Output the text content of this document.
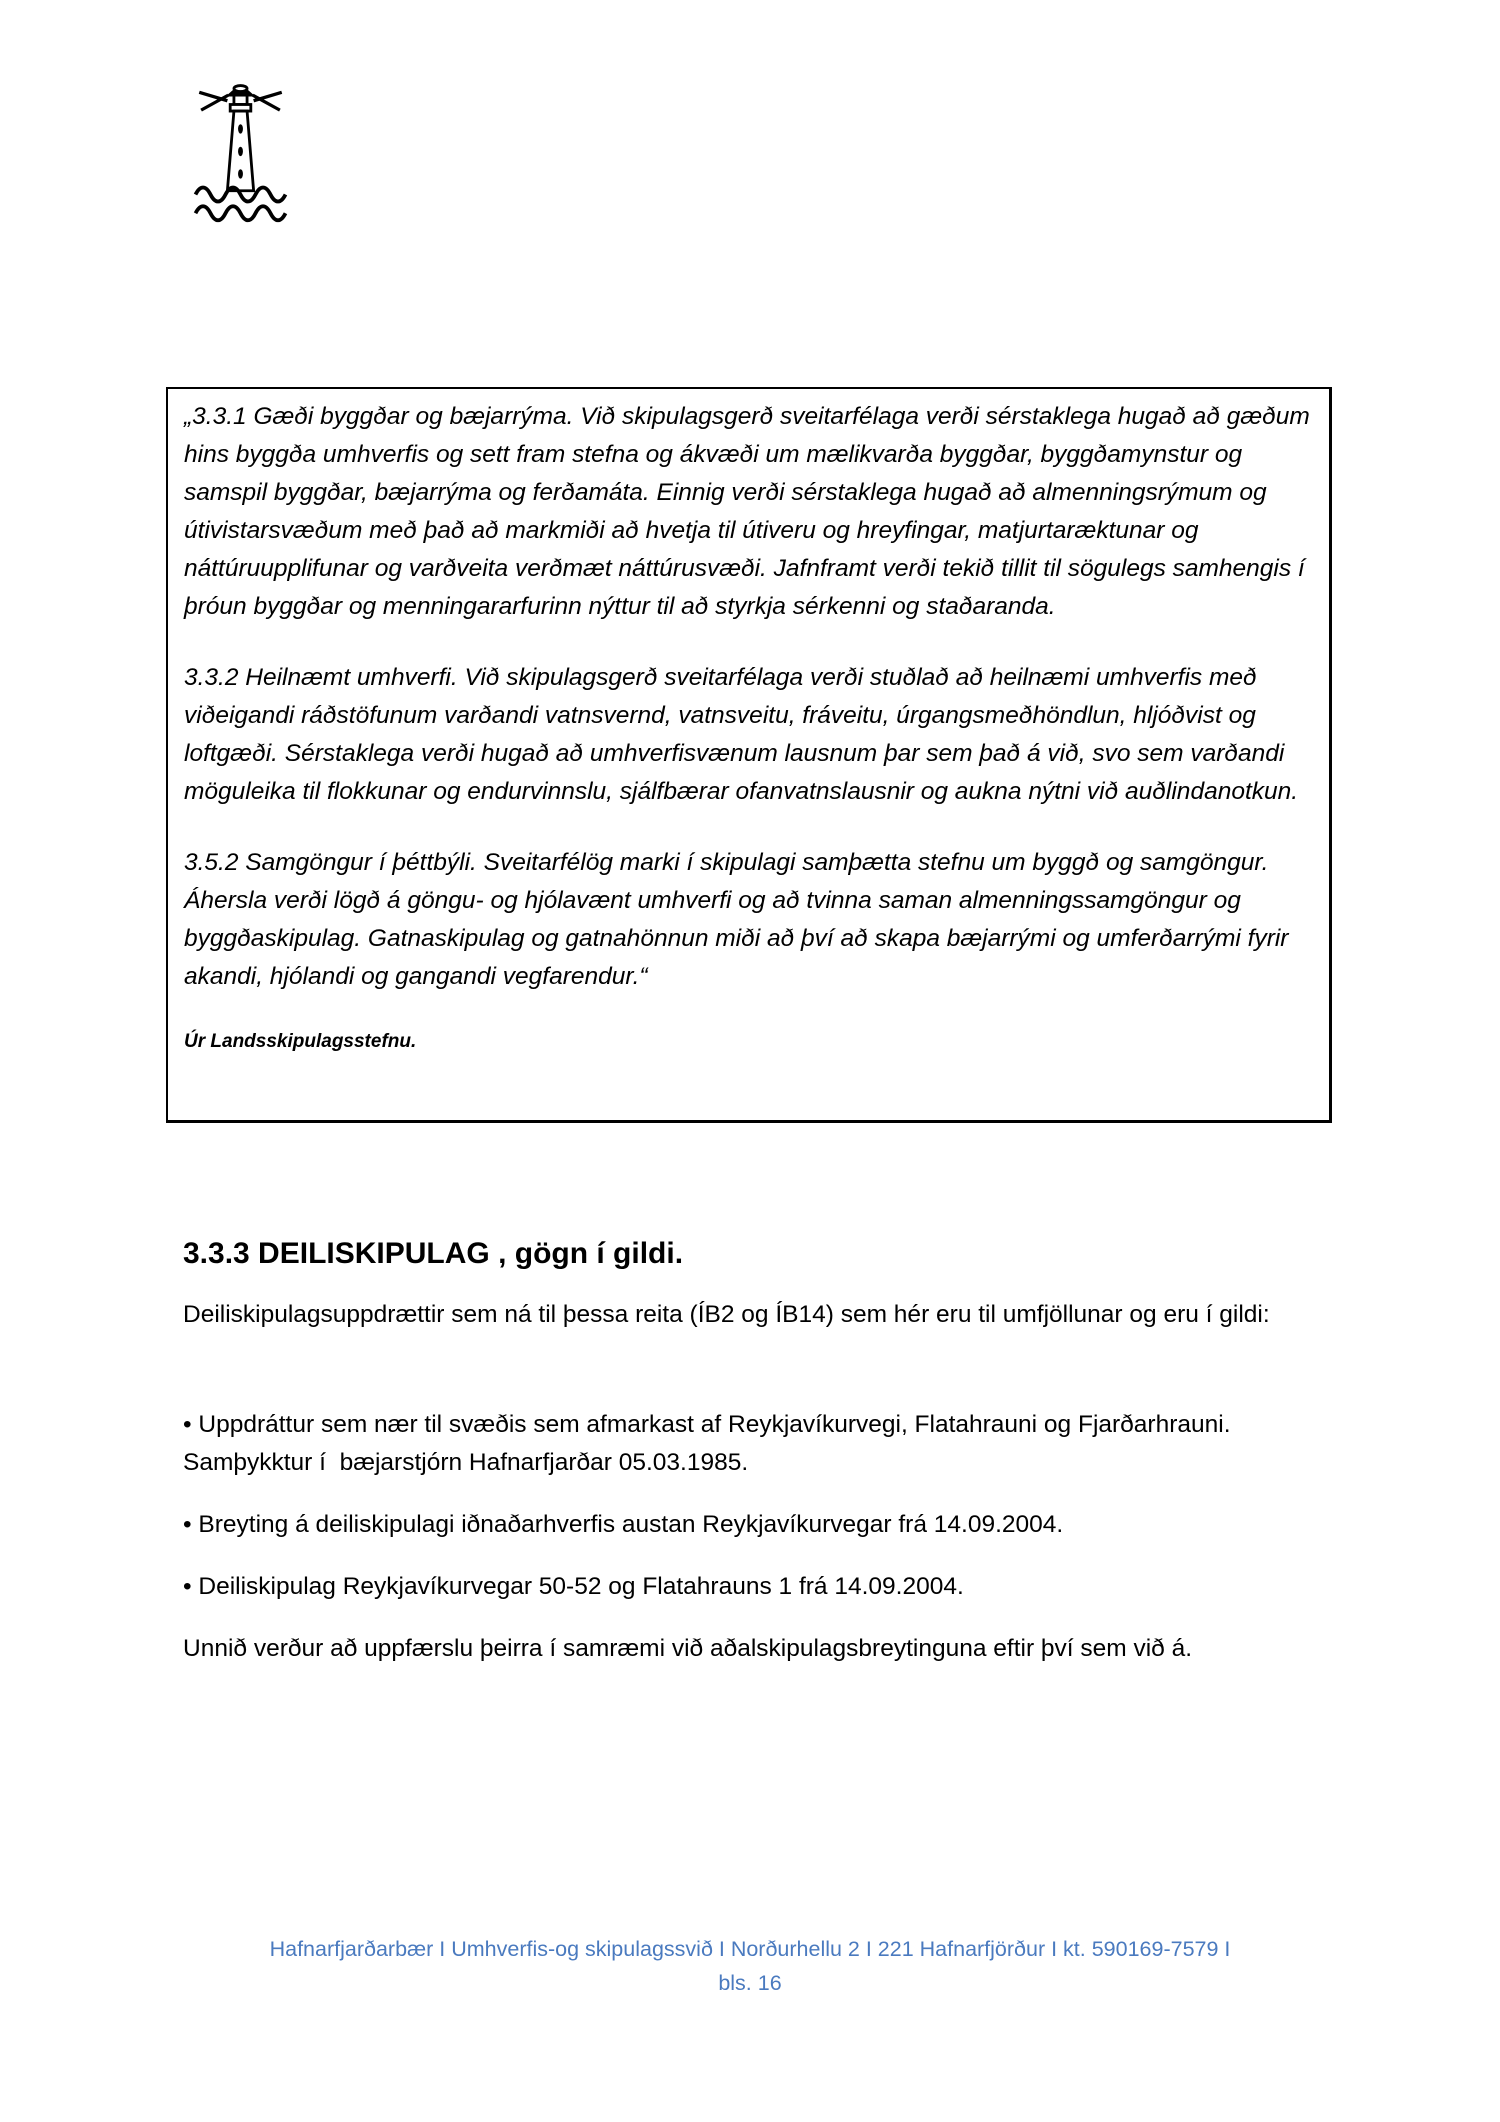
„3.3.1 Gæði byggðar og bæjarrýma. Við skipulagsgerð sveitarfélaga verði sérstaklega hugað að gæðum hins byggða umhverfis og sett fram stefna og ákvæði um mælikvarða byggðar, byggðamynstur og samspil byggðar, bæjarrýma og ferðamáta. Einnig verði sérstaklega hugað að almenningsrýmum og útivistarsvæðum með það að markmiði að hvetja til útiveru og hreyfingar, matjurtaræktunar og náttúruupplifunar og varðveita verðmæt náttúrusvæði. Jafnframt verði tekið tillit til sögulegs samhengis í þróun byggðar og menningararfurinn nýttur til að styrkja sérkenni og staðaranda.

3.3.2 Heilnæmt umhverfi. Við skipulagsgerð sveitarfélaga verði stuðlað að heilnæmi umhverfis með viðeigandi ráðstöfunum varðandi vatnsvernd, vatnsveitu, fráveitu, úrgangsmeðhöndlun, hljóðvist og loftgæði. Sérstaklega verði hugað að umhverfisvænum lausnum þar sem það á við, svo sem varðandi möguleika til flokkunar og endurvinnslu, sjálfbærar ofanvatnslausnir og aukna nýtni við auðlindanotkun.

3.5.2 Samgöngur í þéttbýli. Sveitarfélög marki í skipulagi samþætta stefnu um byggð og samgöngur. Áhersla verði lögð á göngu- og hjólavænt umhverfi og að tvinna saman almenningssamgöngur og byggðaskipulag. Gatnaskipulag og gatnahönnun miði að því að skapa bæjarrými og umferðarrými fyrir akandi, hjólandi og gangandi vegfarendur.“

Úr Landsskipulagsstefnu.

3.3.3 DEILISKIPULAG , gögn í gildi.

Deiliskipulagsuppdrættir sem ná til þessa reita (ÍB2 og ÍB14) sem hér eru til umfjöllunar og eru í gildi:

• Uppdráttur sem nær til svæðis sem afmarkast af Reykjavíkurvegi, Flatahrauni og Fjarðarhrauni. Samþykktur í  bæjarstjórn Hafnarfjarðar 05.03.1985.

• Breyting á deiliskipulagi iðnaðarhverfis austan Reykjavíkurvegar frá 14.09.2004.

• Deiliskipulag Reykjavíkurvegar 50-52 og Flatahrauns 1 frá 14.09.2004.

Unnið verður að uppfærslu þeirra í samræmi við aðalskipulagsbreytinguna eftir því sem við á.

Hafnarfjarðarbær I Umhverfis-og skipulagssvið I Norðurhellu 2 I 221 Hafnarfjörður I kt. 590169-7579 I
bls. 16
